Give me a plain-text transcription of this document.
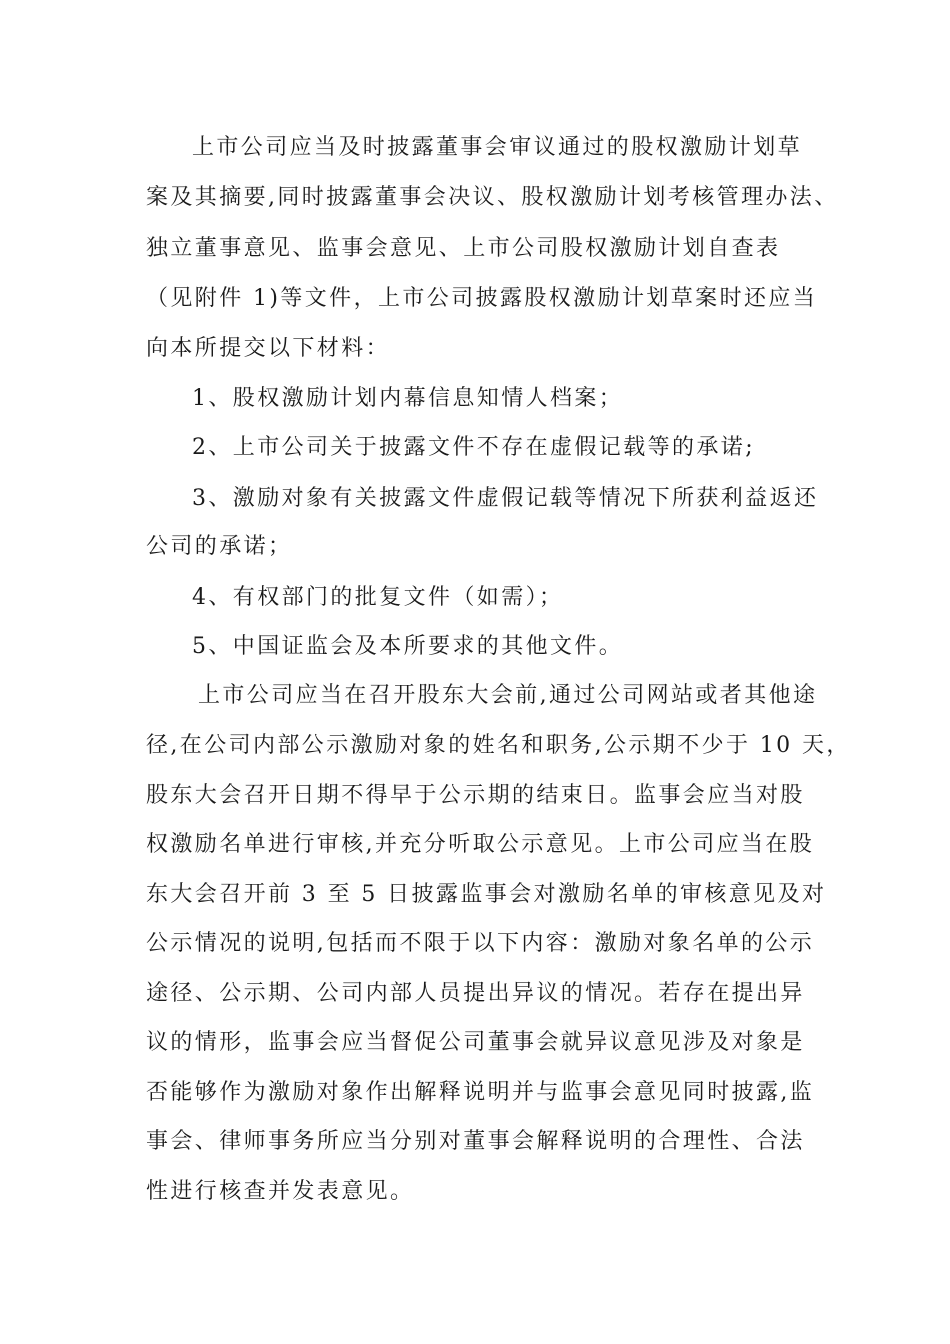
上市公司应当及时披露董事会审议通过的股权激励计划草
案及其摘要,同时披露董事会决议、股权激励计划考核管理办法、
独立董事意见、监事会意见、上市公司股权激励计划自查表
（见附件 1)等文件，上市公司披露股权激励计划草案时还应当
向本所提交以下材料：
1、股权激励计划内幕信息知情人档案；
2、上市公司关于披露文件不存在虚假记载等的承诺;
3、激励对象有关披露文件虚假记载等情况下所获利益返还
公司的承诺；
4、有权部门的批复文件（如需）；
5、中国证监会及本所要求的其他文件。
上市公司应当在召开股东大会前,通过公司网站或者其他途
径,在公司内部公示激励对象的姓名和职务,公示期不少于 10 天，
股东大会召开日期不得早于公示期的结束日。监事会应当对股
权激励名单进行审核,并充分听取公示意见。上市公司应当在股
东大会召开前 3 至 5 日披露监事会对激励名单的审核意见及对
公示情况的说明,包括而不限于以下内容：激励对象名单的公示
途径、公示期、公司内部人员提出异议的情况。若存在提出异
议的情形，监事会应当督促公司董事会就异议意见涉及对象是
否能够作为激励对象作出解释说明并与监事会意见同时披露,监
事会、律师事务所应当分别对董事会解释说明的合理性、合法
性进行核查并发表意见。
